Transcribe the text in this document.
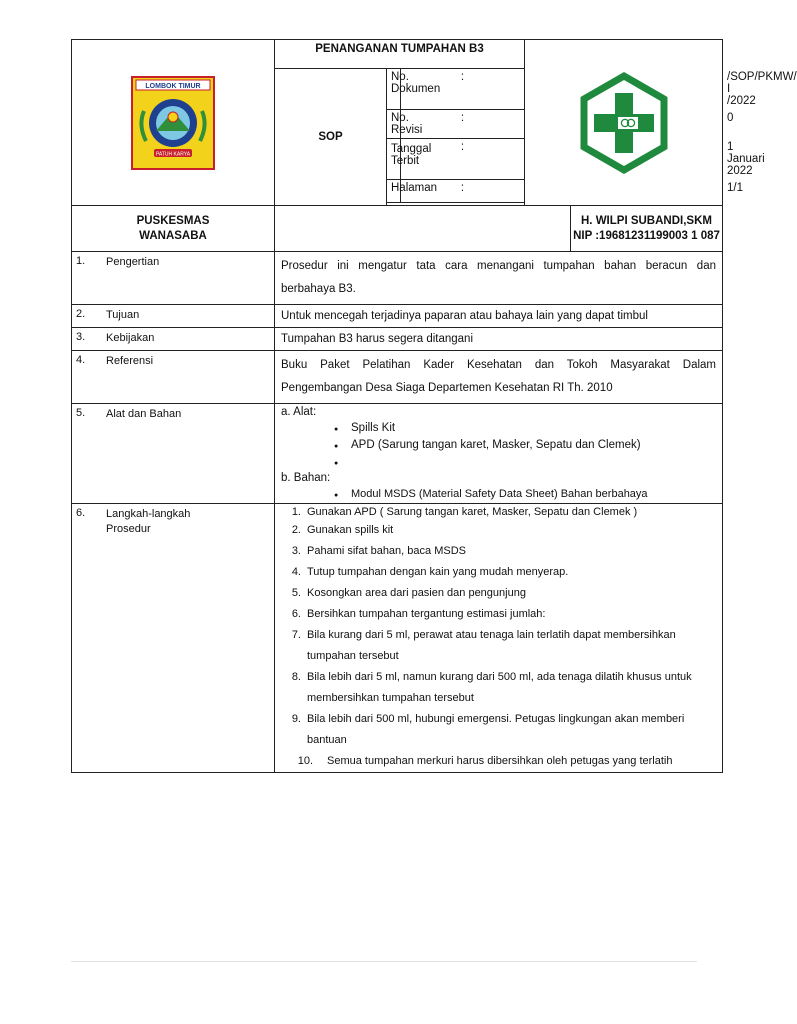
LOMBOK TIMUR
PATUH KARYA
	PENANGANAN TUMPAHAN B3	

SOP	No. Dokumen	:	/SOP/PKMW/ I /2022
No. Revisi	:	0
Tanggal Terbit	:	1 Januari 2022
Halaman	:	1/1

PUSKESMAS
WANASABA

H. WILPI SUBANDI,SKM
NIP :19681231199003 1 087

1.	Pengertian	Prosedur ini mengatur tata cara menangani tumpahan bahan beracun dan berbahaya B3.

2.	Tujuan	Untuk mencegah terjadinya paparan atau bahaya lain yang dapat timbul

3.	Kebijakan	Tumpahan B3 harus segera ditangani

4.	Referensi	Buku Paket Pelatihan Kader Kesehatan dan Tokoh Masyarakat Dalam Pengembangan Desa Siaga Departemen Kesehatan RI Th. 2010

5.	Alat dan Bahan	a. Alat:
● Spills Kit
● APD (Sarung tangan karet, Masker, Sepatu dan Clemek)
●
b. Bahan:
● Modul MSDS (Material Safety Data Sheet) Bahan berbahaya

6.	Langkah-langkah
Prosedur

1. Gunakan APD ( Sarung tangan karet, Masker, Sepatu dan Clemek )
2. Gunakan spills kit
3. Pahami sifat bahan, baca MSDS
4. Tutup tumpahan dengan kain yang mudah menyerap.
5. Kosongkan area dari pasien dan pengunjung
6. Bersihkan tumpahan tergantung estimasi jumlah:
7. Bila kurang dari 5 ml, perawat atau tenaga lain terlatih dapat membersihkan tumpahan tersebut
8. Bila lebih dari 5 ml, namun kurang dari 500 ml, ada tenaga dilatih khusus untuk membersihkan tumpahan tersebut
9. Bila lebih dari 500 ml, hubungi emergensi. Petugas lingkungan akan memberi bantuan
10.	Semua tumpahan merkuri harus dibersihkan oleh petugas yang terlatih
